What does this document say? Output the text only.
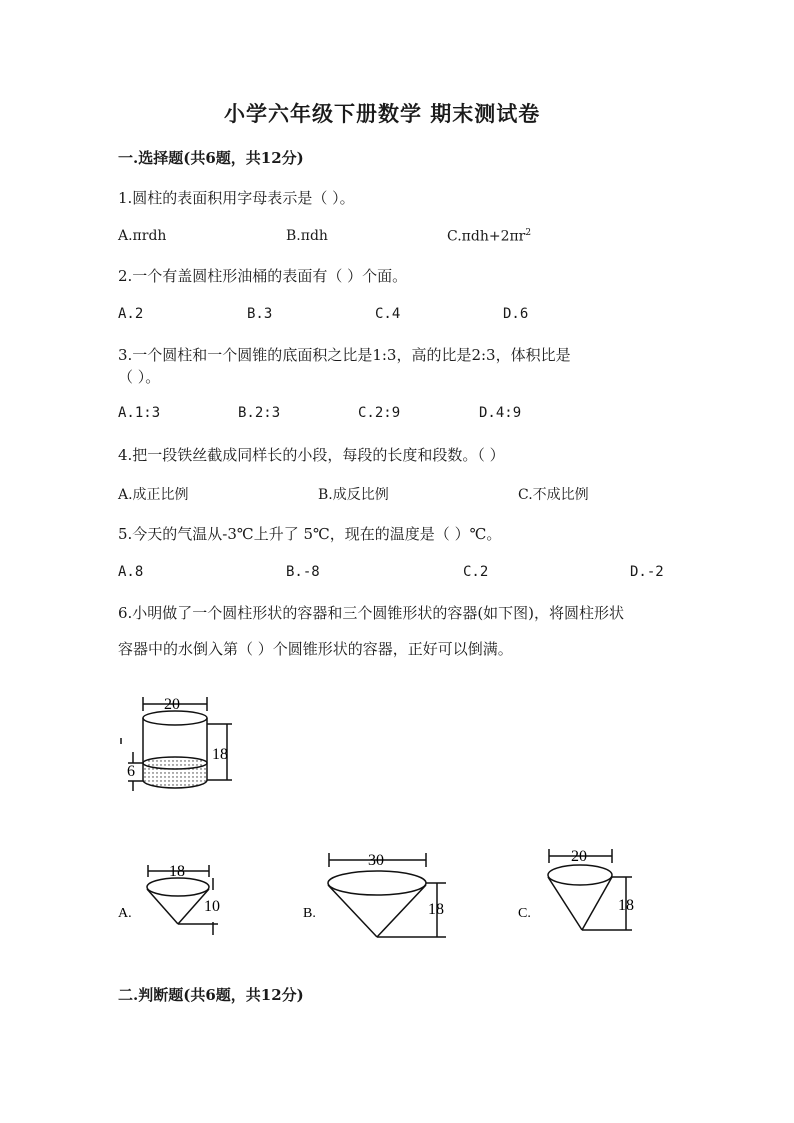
小学六年级下册数学 期末测试卷
一.选择题(共6题，共12分)
1.圆柱的表面积用字母表示是（ ）。
A.πrdh	B.πdh	$C.\pi dh+2\pi r^2$
2.一个有盖圆柱形油桶的表面有（ ）个面。
A.2	B.3	C.4	D.6
3.一个圆柱和一个圆锥的底面积之比是1:3，高的比是2:3，体积比是
（ ）。
A.1:3	B.2:3	C.2:9	D.4:9
4.把一段铁丝截成同样长的小段，每段的长度和段数。（ ）
A.成正比例	B.成反比例	C.不成比例
5.今天的气温从-3℃上升了 5℃，现在的温度是（ ）℃。
A.8	B.-8	C.2	D.-2
6.小明做了一个圆柱形状的容器和三个圆锥形状的容器(如下图)，将圆柱形状
容器中的水倒入第（ ）个圆锥形状的容器，正好可以倒满。
20
18
6
A.
18
10	B.
30
18	C.
20
18
二.判断题(共6题，共12分)
